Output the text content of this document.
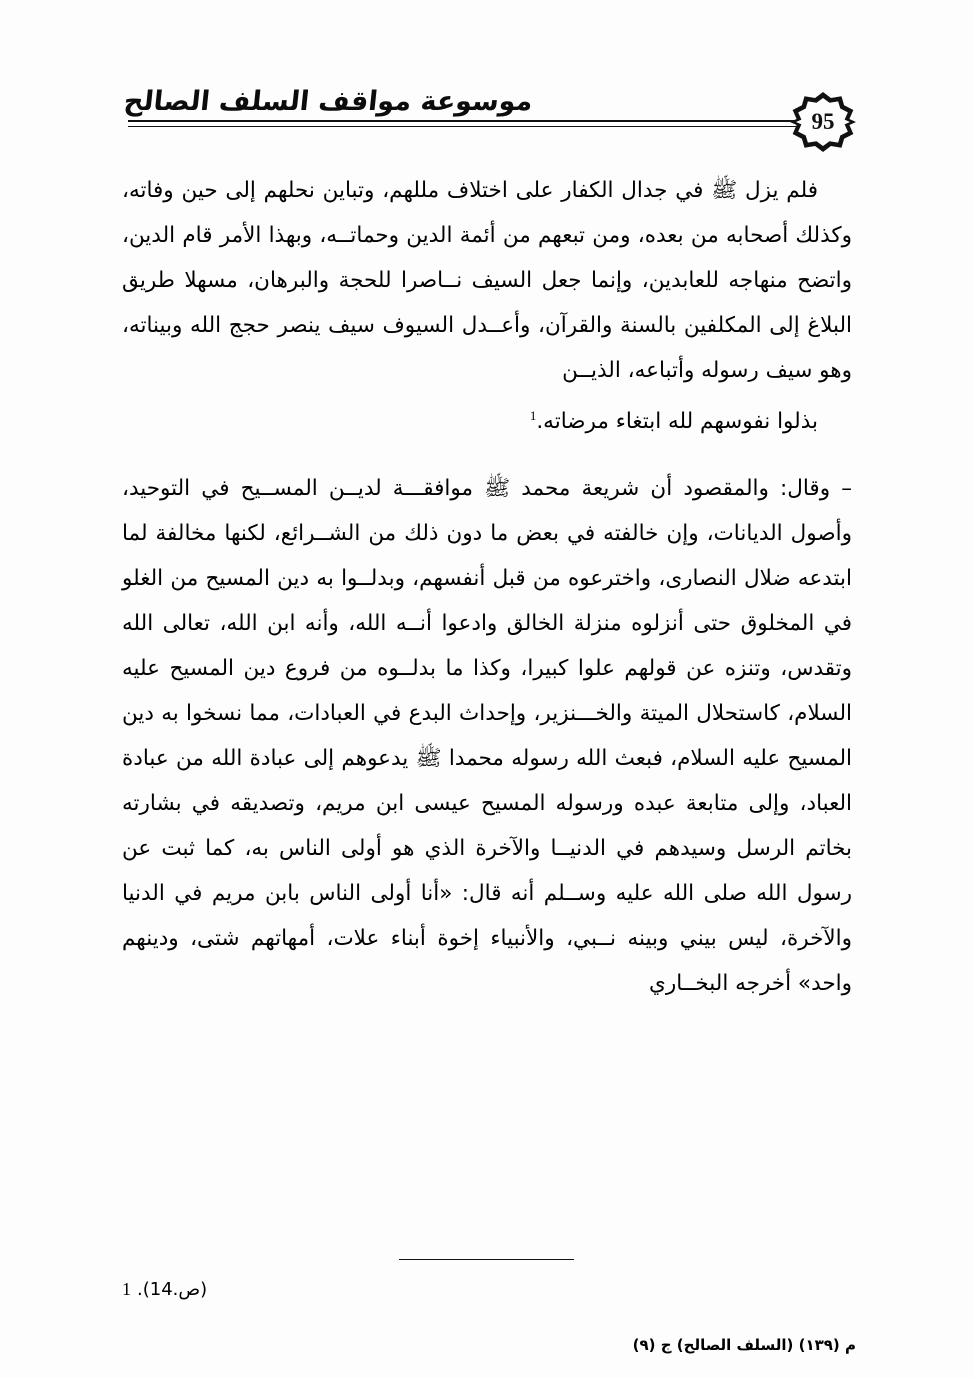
95
موسوعة مواقف السلف الصالح

فلم يزل ﷺ في جدال الكفار على اختلاف مللهم، وتباين نحلهم إلى حين وفاته، وكذلك أصحابه من بعده، ومن تبعهم من أئمة الدين وحماتــه، وبهذا الأمر قام الدين، واتضح منهاجه للعابدين، وإنما جعل السيف نــاصرا للحجة والبرهان، مسهلا طريق البلاغ إلى المكلفين بالسنة والقرآن، وأعــدل السيوف سيف ينصر حجج الله وبيناته، وهو سيف رسوله وأتباعه، الذيــن
بذلوا نفوسهم لله ابتغاء مرضاته.$^1$

– وقال: والمقصود أن شريعة محمد ﷺ موافقـــة لديــن المســيح في التوحيد، وأصول الديانات، وإن خالفته في بعض ما دون ذلك من الشــرائع، لكنها مخالفة لما ابتدعه ضلال النصارى، واخترعوه من قبل أنفسهم، وبدلــوا به دين المسيح من الغلو في المخلوق حتى أنزلوه منزلة الخالق وادعوا أنــه الله، وأنه ابن الله، تعالى الله وتقدس، وتنزه عن قولهم علوا كبيرا، وكذا ما بدلــوه من فروع دين المسيح عليه السلام، كاستحلال الميتة والخـــنزير، وإحداث البدع في العبادات، مما نسخوا به دين المسيح عليه السلام، فبعث الله رسوله محمدا ﷺ يدعوهم إلى عبادة الله من عبادة العباد، وإلى متابعة عبده ورسوله المسيح عيسى ابن مريم، وتصديقه في بشارته بخاتم الرسل وسيدهم في الدنيــا والآخرة الذي هو أولى الناس به، كما ثبت عن رسول الله صلى الله عليه وســلم أنه قال: «أنا أولى الناس بابن مريم في الدنيا والآخرة، ليس بيني وبينه نــبي، والأنبياء إخوة أبناء علات، أمهاتهم شتى، ودينهم واحد» أخرجه البخــاري

1 (ص.14).
م (١٣٩) (السلف الصالح) ج (٩)
